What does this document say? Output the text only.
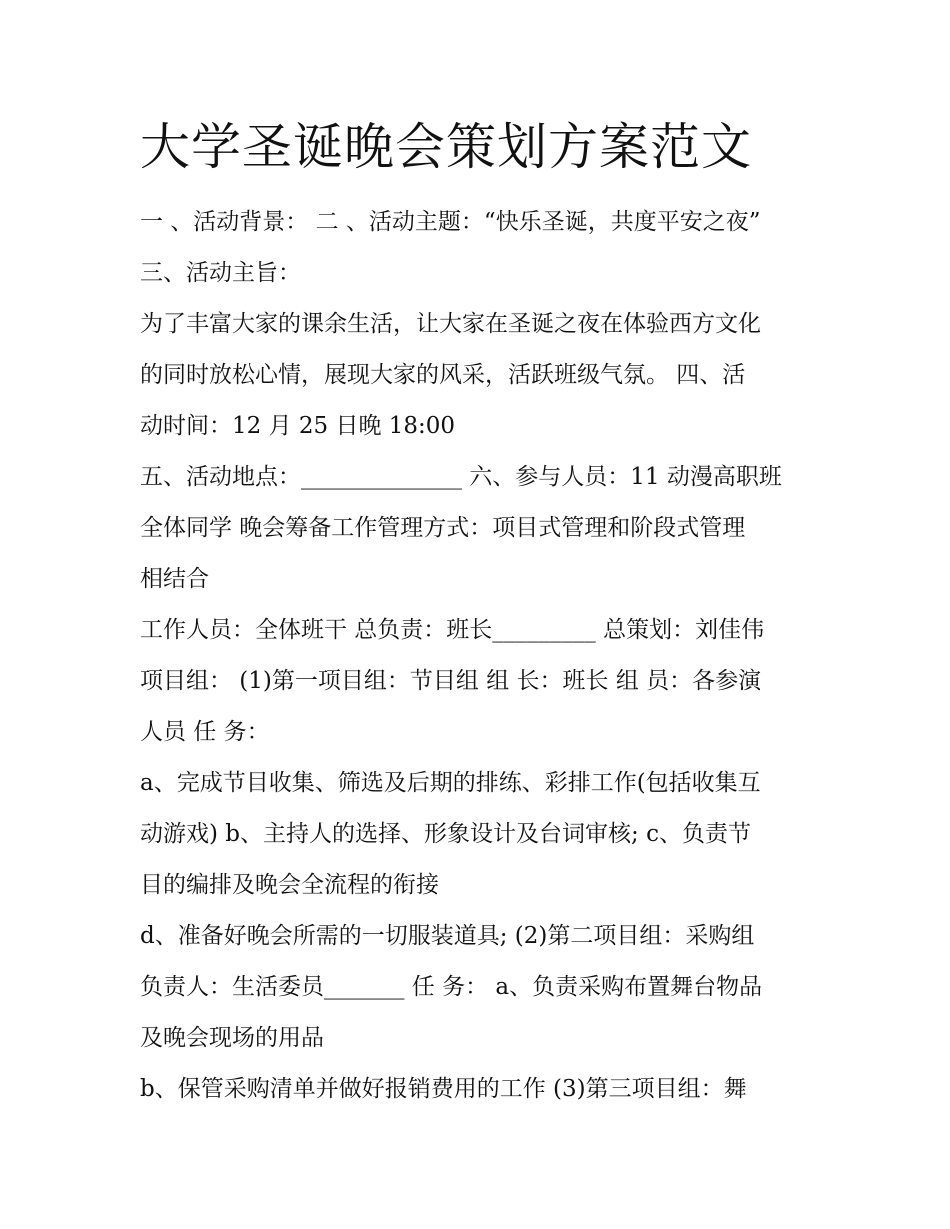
大学圣诞晚会策划方案范文

一 、活动背景： 二 、活动主题：“快乐圣诞，共度平安之夜”

三、活动主旨：

为了丰富大家的课余生活，让大家在圣诞之夜在体验西方文化

的同时放松心情，展现大家的风采，活跃班级气氛。 四、活

动时间：12 月 25 日晚 18:00

五、活动地点：______________ 六、参与人员：11 动漫高职班

全体同学 晚会筹备工作管理方式：项目式管理和阶段式管理

相结合

工作人员：全体班干 总负责：班长_________ 总策划：刘佳伟

项目组： (1)第一项目组：节目组 组 长：班长 组 员：各参演

人员 任 务：

a、完成节目收集、筛选及后期的排练、彩排工作(包括收集互

动游戏) b、主持人的选择、形象设计及台词审核; c、负责节

目的编排及晚会全流程的衔接

d、准备好晚会所需的一切服装道具; (2)第二项目组：采购组

负责人：生活委员_______ 任 务： a、负责采购布置舞台物品

及晚会现场的用品

b、保管采购清单并做好报销费用的工作 (3)第三项目组：舞
